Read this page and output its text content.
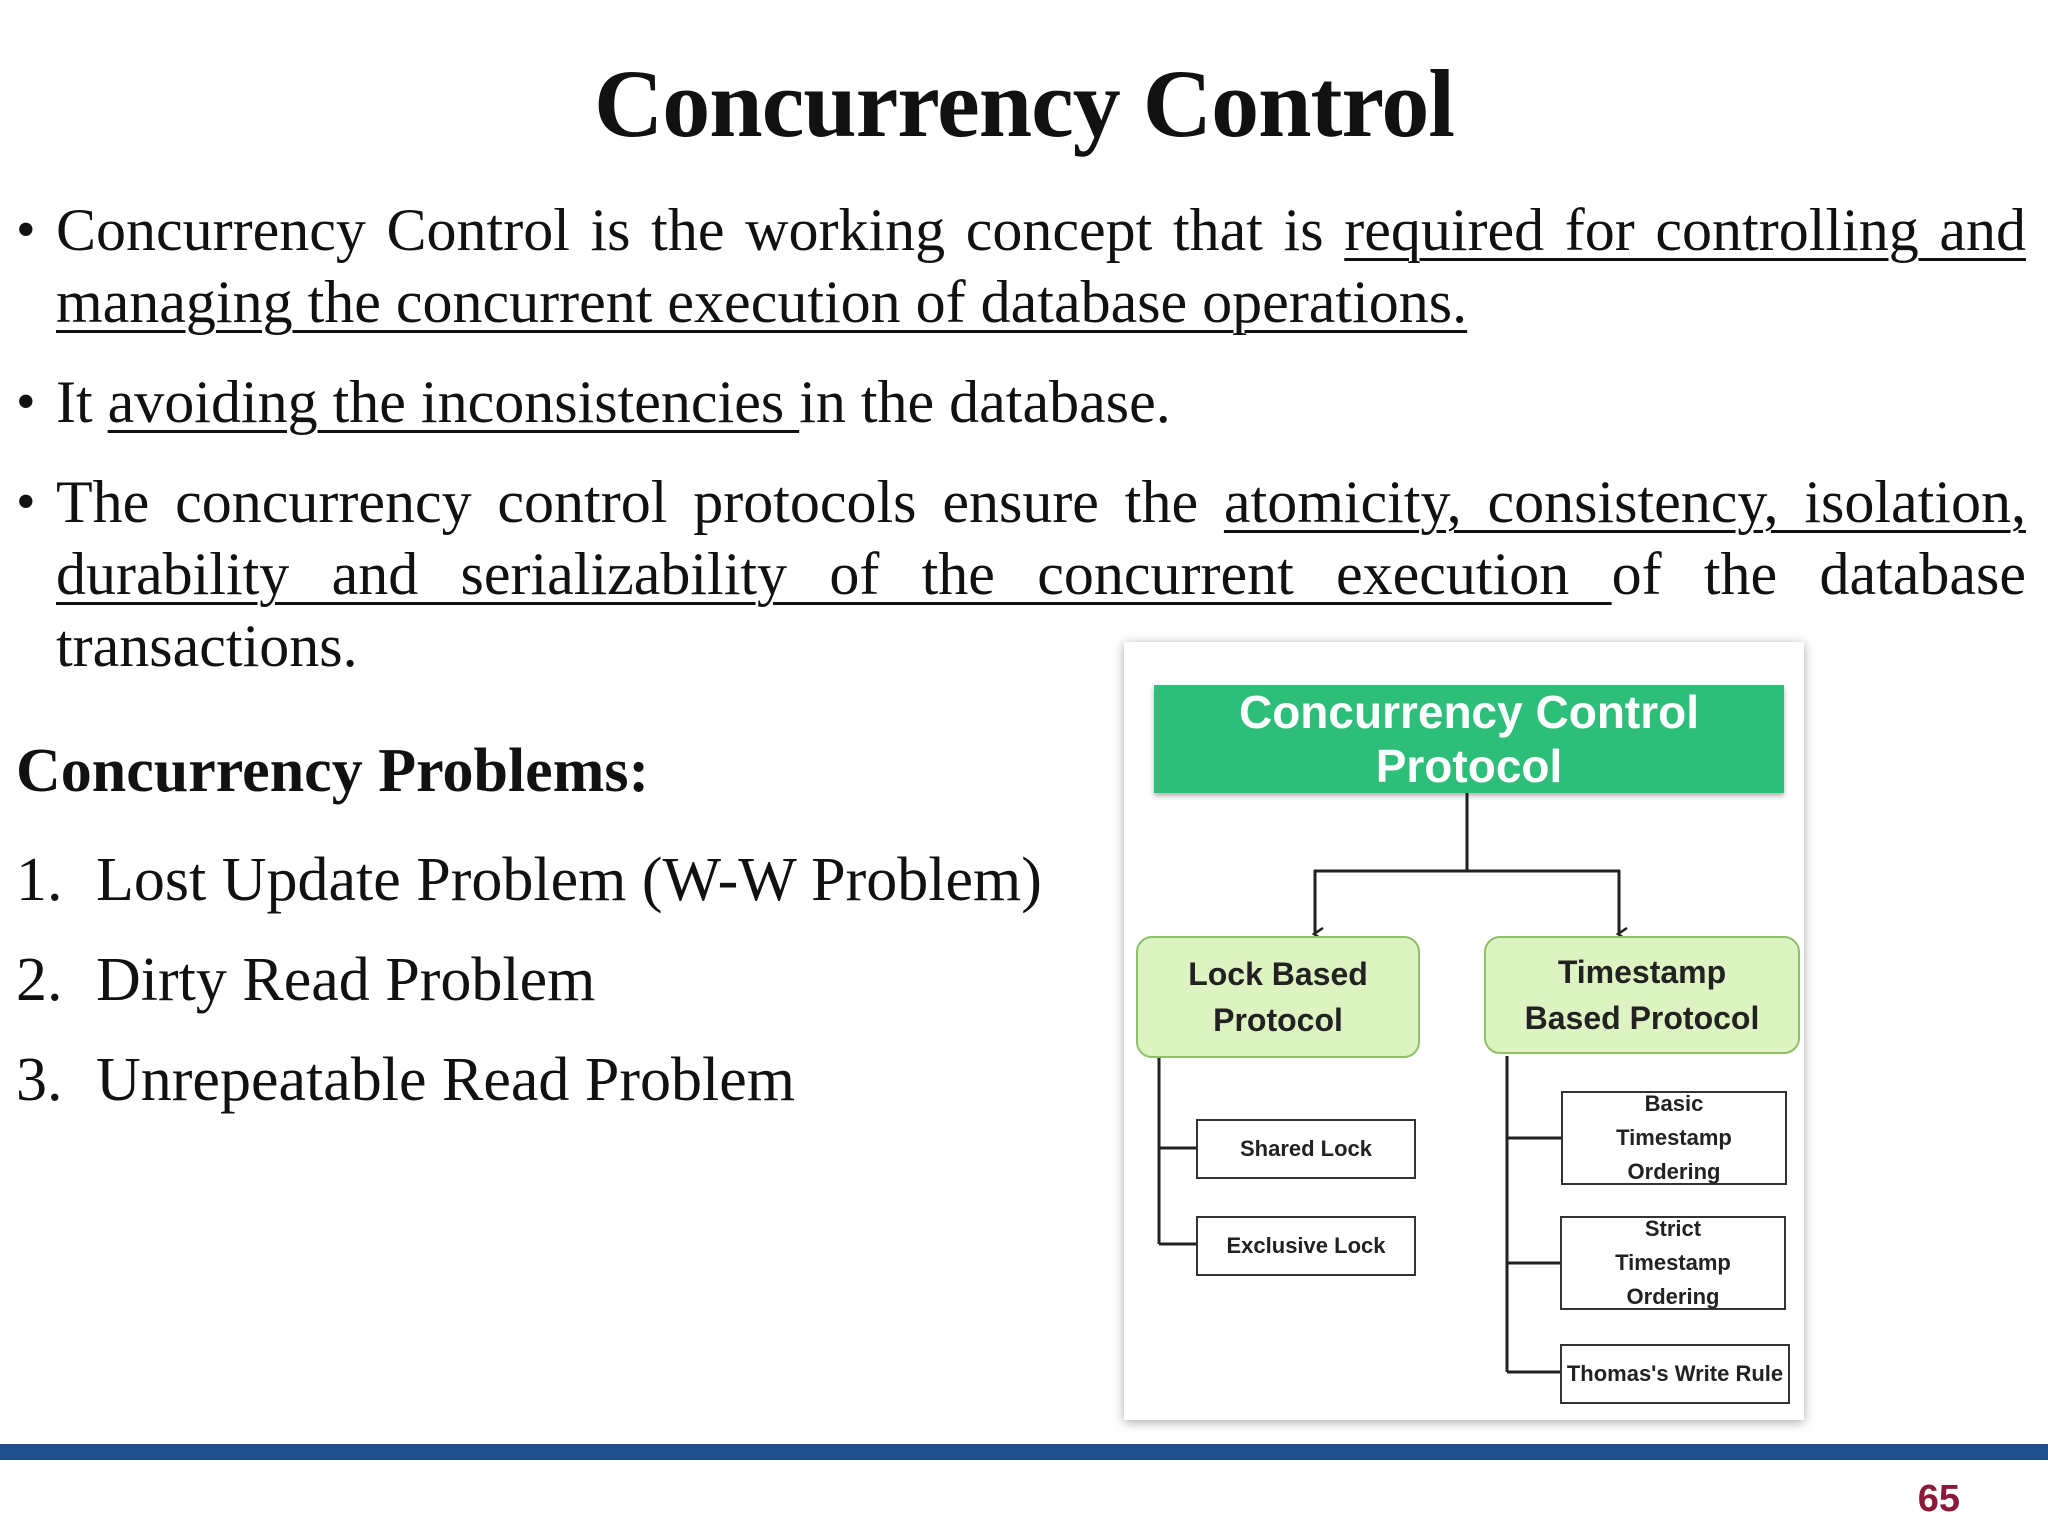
Concurrency Control
• Concurrency Control is the working concept that is required for controlling and managing the concurrent execution of database operations.
• It avoiding the inconsistencies in the database.
• The concurrency control protocols ensure the atomicity, consistency, isolation, durability and serializability of the concurrent execution of the database transactions.
Concurrency Problems:
1. Lost Update Problem (W-W Problem)
2. Dirty Read Problem
3. Unrepeatable Read Problem
Concurrency Control Protocol
Lock Based Protocol
Timestamp Based Protocol
Shared Lock
Exclusive Lock
Basic Timestamp Ordering
Strict Timestamp Ordering
Thomas's Write Rule
65
